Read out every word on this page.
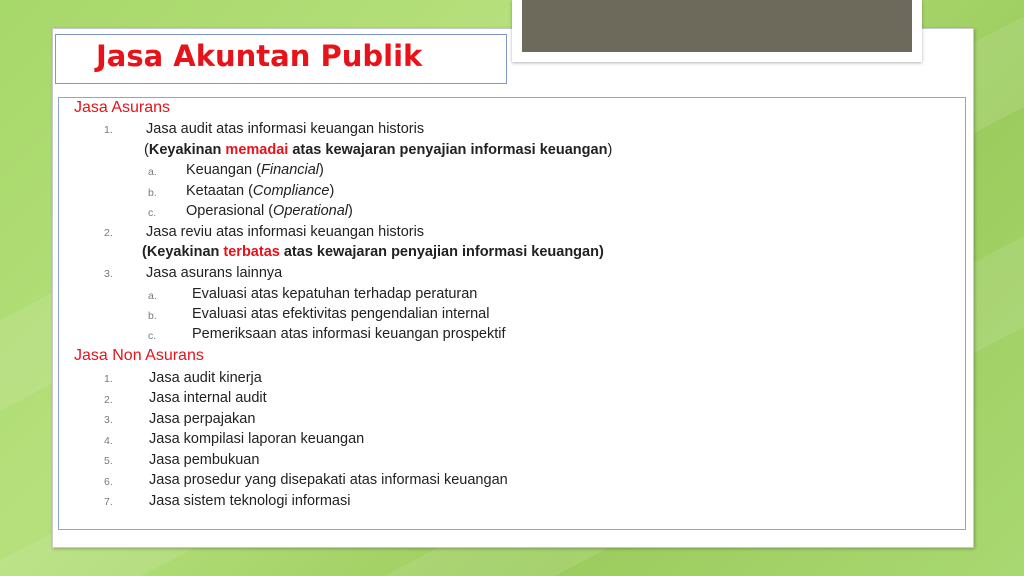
Jasa Akuntan Publik
Jasa Asurans
1. Jasa audit atas informasi keuangan historis
(Keyakinan memadai atas kewajaran penyajian informasi keuangan)
a. Keuangan (Financial)
b. Ketaatan (Compliance)
c. Operasional (Operational)
2. Jasa reviu atas informasi keuangan historis
(Keyakinan terbatas atas kewajaran penyajian informasi keuangan)
3. Jasa asurans lainnya
a. Evaluasi atas kepatuhan terhadap peraturan
b. Evaluasi atas efektivitas pengendalian internal
c. Pemeriksaan atas informasi keuangan prospektif
Jasa Non Asurans
1. Jasa audit kinerja
2. Jasa internal audit
3. Jasa perpajakan
4. Jasa kompilasi laporan keuangan
5. Jasa pembukuan
6. Jasa prosedur yang disepakati atas informasi keuangan
7. Jasa sistem teknologi informasi
